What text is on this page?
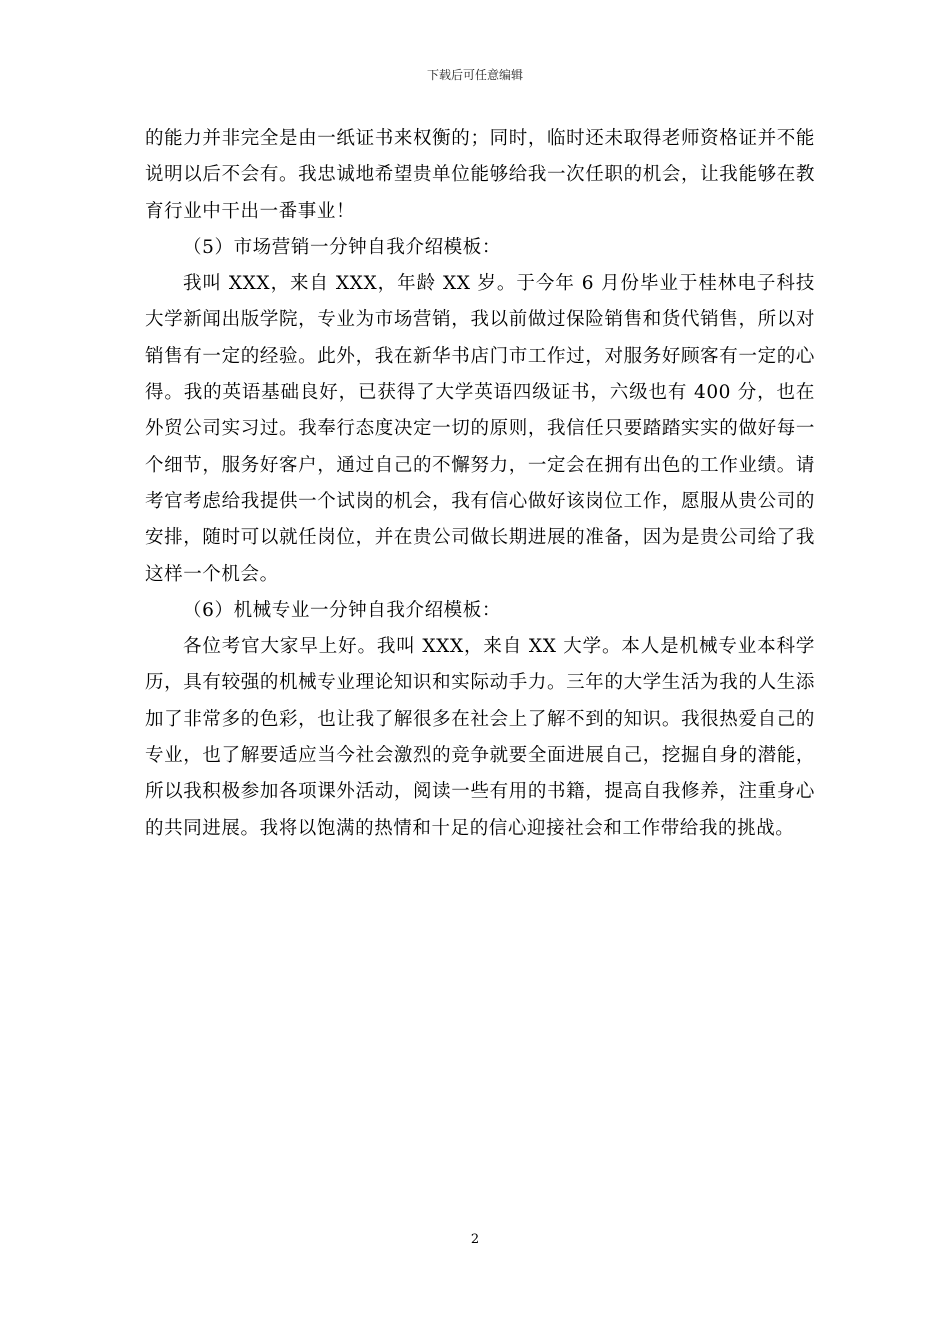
下载后可任意编辑

的能力并非完全是由一纸证书来权衡的；同时，临时还未取得老师资格证并不能说明以后不会有。我忠诚地希望贵单位能够给我一次任职的机会，让我能够在教育行业中干出一番事业！

（5）市场营销一分钟自我介绍模板：

我叫 XXX，来自 XXX，年龄 XX 岁。于今年 6 月份毕业于桂林电子科技大学新闻出版学院，专业为市场营销，我以前做过保险销售和货代销售，所以对销售有一定的经验。此外，我在新华书店门市工作过，对服务好顾客有一定的心得。我的英语基础良好，已获得了大学英语四级证书，六级也有 400 分，也在外贸公司实习过。我奉行态度决定一切的原则，我信任只要踏踏实实的做好每一个细节，服务好客户，通过自己的不懈努力，一定会在拥有出色的工作业绩。请考官考虑给我提供一个试岗的机会，我有信心做好该岗位工作，愿服从贵公司的安排，随时可以就任岗位，并在贵公司做长期进展的准备，因为是贵公司给了我这样一个机会。

（6）机械专业一分钟自我介绍模板：

各位考官大家早上好。我叫 XXX，来自 XX 大学。本人是机械专业本科学历，具有较强的机械专业理论知识和实际动手力。三年的大学生活为我的人生添加了非常多的色彩，也让我了解很多在社会上了解不到的知识。我很热爱自己的专业，也了解要适应当今社会激烈的竞争就要全面进展自己，挖掘自身的潜能，所以我积极参加各项课外活动，阅读一些有用的书籍，提高自我修养，注重身心的共同进展。我将以饱满的热情和十足的信心迎接社会和工作带给我的挑战。

2
